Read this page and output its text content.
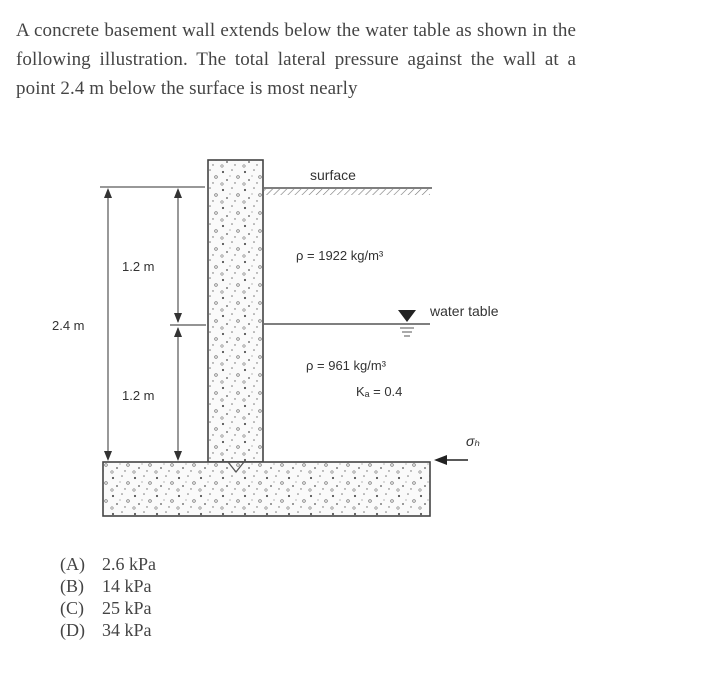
A concrete basement wall extends below the water table as shown in the following illustration. The total lateral pressure against the wall at a point 2.4 m below the surface is most nearly

surface
water table
ρ = 1922 kg/m³
ρ = 961 kg/m³
Kₐ = 0.4
σₕ
2.4 m
1.2 m
1.2 m
(A) 2.6 kPa
(B)	14 kPa
(C)	25 kPa
(D) 34 kPa
